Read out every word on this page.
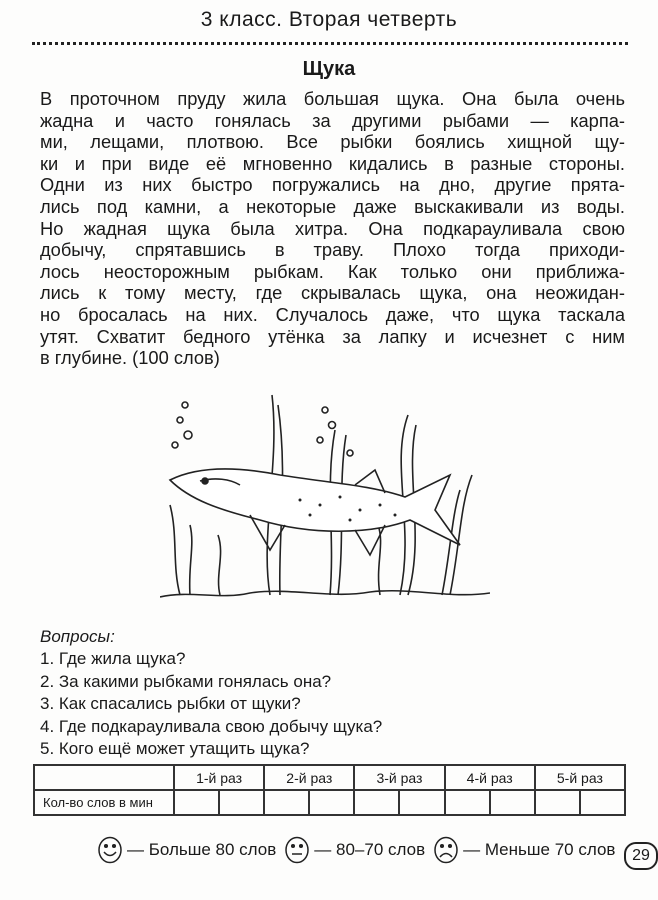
3 класс. Вторая четверть
Щука
В проточном пруду жила большая щука. Она была очень
жадна и часто гонялась за другими рыбами — карпа-
ми, лещами, плотвою. Все рыбки боялись хищной щу-
ки и при виде её мгновенно кидались в разные стороны.
Одни из них быстро погружались на дно, другие прята-
лись под камни, а некоторые даже выскакивали из воды.
Но жадная щука была хитра. Она подкарауливала свою
добычу, спрятавшись в траву. Плохо тогда приходи-
лось неосторожным рыбкам. Как только они приближа-
лись к тому месту, где скрывалась щука, она неожидан-
но бросалась на них. Случалось даже, что щука таскала
утят. Схватит бедного утёнка за лапку и исчезнет с ним
в глубине. (100 слов)
Вопросы:
1. Где жила щука?
2. За какими рыбками гонялась она?
3. Как спасались рыбки от щуки?
4. Где подкарауливала свою добычу щука?
5. Кого ещё может утащить щука?
	1-й раз		2-й раз		3-й раз		4-й раз		5-й раз	
Кол-во слов в мин										
— Больше 80 слов — 80–70 слов — Меньше 70 слов	29
